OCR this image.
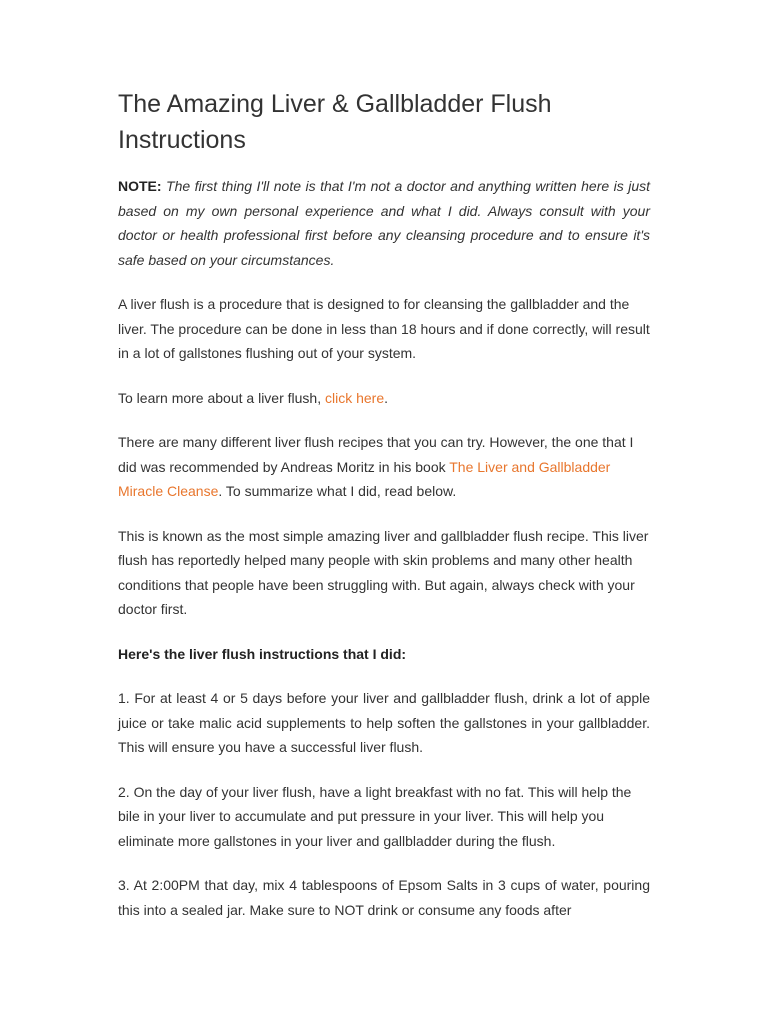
The Amazing Liver & Gallbladder Flush Instructions

NOTE: The first thing I'll note is that I'm not a doctor and anything written here is just based on my own personal experience and what I did. Always consult with your doctor or health professional first before any cleansing procedure and to ensure it's safe based on your circumstances.

A liver flush is a procedure that is designed to for cleansing the gallbladder and the liver. The procedure can be done in less than 18 hours and if done correctly, will result in a lot of gallstones flushing out of your system.

To learn more about a liver flush, click here.

There are many different liver flush recipes that you can try. However, the one that I did was recommended by Andreas Moritz in his book The Liver and Gallbladder Miracle Cleanse. To summarize what I did, read below.

This is known as the most simple amazing liver and gallbladder flush recipe. This liver flush has reportedly helped many people with skin problems and many other health conditions that people have been struggling with. But again, always check with your doctor first.

Here's the liver flush instructions that I did:

1. For at least 4 or 5 days before your liver and gallbladder flush, drink a lot of apple juice or take malic acid supplements to help soften the gallstones in your gallbladder. This will ensure you have a successful liver flush.

2. On the day of your liver flush, have a light breakfast with no fat. This will help the bile in your liver to accumulate and put pressure in your liver. This will help you eliminate more gallstones in your liver and gallbladder during the flush.

3. At 2:00PM that day, mix 4 tablespoons of Epsom Salts in 3 cups of water, pouring this into a sealed jar. Make sure to NOT drink or consume any foods after
